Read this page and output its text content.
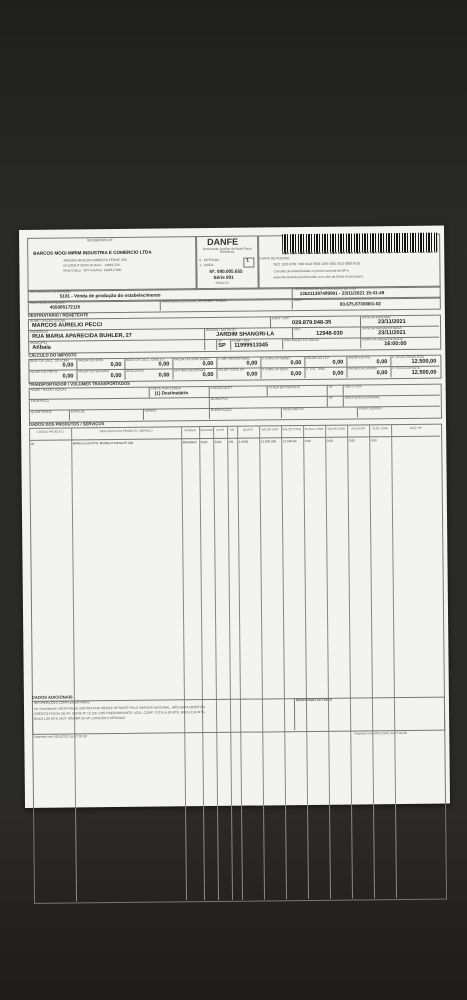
RECEBEMOS DE
BARCOS MOGI MIRIM INDUSTRIA E COMERCIO LTDA
AVENIDA NIVALDO ROBERTO FERNE, 350
N/ D/DOUT MOGI GUACU - 13849-228
Mogi Guaçu - SP Fone/Fax: 1938117000
DANFE
Documento Auxiliar da Nota Fiscal Eletrônica
0 - ENTRADA
1 - SAÍDA
1
Nº. 000.005.655
Série 001
Folha 1/1
CHAVE DE ACESSO
3521 1100 6758 7300 0102 5500 1000 0056 5513 8808 6018
Consulta de autenticidade no portal nacional da NF-e
www.nfe.fazenda.gov.br/portal ou no site da Sefaz Autorizadora
NATUREZA DA OPERAÇÃO
5101 - Venda de produção do estabelecimento
PROTOCOLO DE AUTORIZAÇÃO DE USO
135211397489901 - 23/11/2021 15:41:49
INSCRIÇÃO ESTADUAL
455085172115
INSCRIÇÃO ESTADUAL DO SUBST. TRIBUT.	CNPJ
00.675.873/0001-02
DESTINATÁRIO / REMETENTE
NOME / RAZÃO SOCIAL
MARCOS AURELIO PECCI
CNPJ / CPF
029.879.048-35
DATA DA EMISSÃO
23/11/2021
ENDEREÇO
RUA MARIA APARECIDA BUHLER, 27
BAIRRO / DISTRITO
JARDIM SHANGRI-LA
CEP
12948-030
DATA DA SAÍDA/ENTRADA
23/11/2021
MUNICÍPIO
Atibaia
UF
SP
FONE / FAX
11999513345
INSCRIÇÃO ESTADUAL	HORA DA SAÍDA/ENTRADA
16:00:00
CÁLCULO DO IMPOSTO
BASE DE CÁLC. DO ICMS
0,00
VALOR DO ICMS
0,00
BASE DE CÁLC. ICMS S.T.
0,00
VALOR DO ICMS SUBST.
0,00
V. IMP. IMPORTAÇÃO
0,00
V. ICMS UF REMET.
0,00
VALOR DO FCP
0,00
VALOR DO PIS
0,00
V. TOTAL PRODUTOS
12.500,00
VALOR DO FRETE
0,00
VALOR DO SEGURO
0,00
DESCONTO
0,00
OUTRAS DESPESAS
0,00
VALOR TOTAL IPI
0,00
V. ICMS UF DEST.
0,00
V. TOT. TRIB.
0,00
VALOR DA COFINS
0,00
V. TOTAL DA NOTA
12.500,00
TRANSPORTADOR / VOLUMES TRANSPORTADOS
NOME / RAZÃO SOCIAL	FRETE POR CONTA
(1) Destinatário
CÓDIGO ANTT	PLACA DO VEÍCULO	UF	CNPJ / CPF
ENDEREÇO	MUNICÍPIO	UF	INSCRIÇÃO ESTADUAL
QUANTIDADE	ESPÉCIE	MARCA	NUMERAÇÃO	PESO BRUTO	PESO LÍQUIDO
DADOS DOS PRODUTOS / SERVIÇOS
CÓDIGO PRODUTO	DESCRIÇÃO DO PRODUTO / SERVIÇO	NCM/SH	O/CSOSN CFOP	UN	QUANT	VALOR UNIT	VALOR TOTAL B.CALC ICMS	VALOR ICMS	VALOR IPI	ALÍQ. ICMS	ALÍQ. IPI
20	BARCO 6,00 MTS. MODELO MANAUS 600	89039900 0102 5101 UN 1,0000	12.500,000 12.500,00	0,00	0,00	0,00	0,00
DADOS ADICIONAIS
INFORMAÇÕES COMPLEMENTARES
Inf. Contribuinte: NOTA FISCAL EMITIDA POR ME/EPP OPTANTE PELO SIMPLES NACIONAL, NÃO GERA DIREITO A
CRÉDITO FISCAL DE IPI. SERIE Nº 13.128, COR PREDOMINANTE: AZUL, COMP. TOTAL 6,00 MTS, BOCA 2,34 MTS,
BOCA 1,80 MTS, MOT. MÁXIMA 30 HP, LOTAÇÃO 5 PESSOAS
RESERVADO AO FISCO
Impresso em 24/11/2021 às 07:24:30
Impresso em 24/11/2021 às 07:24:30
